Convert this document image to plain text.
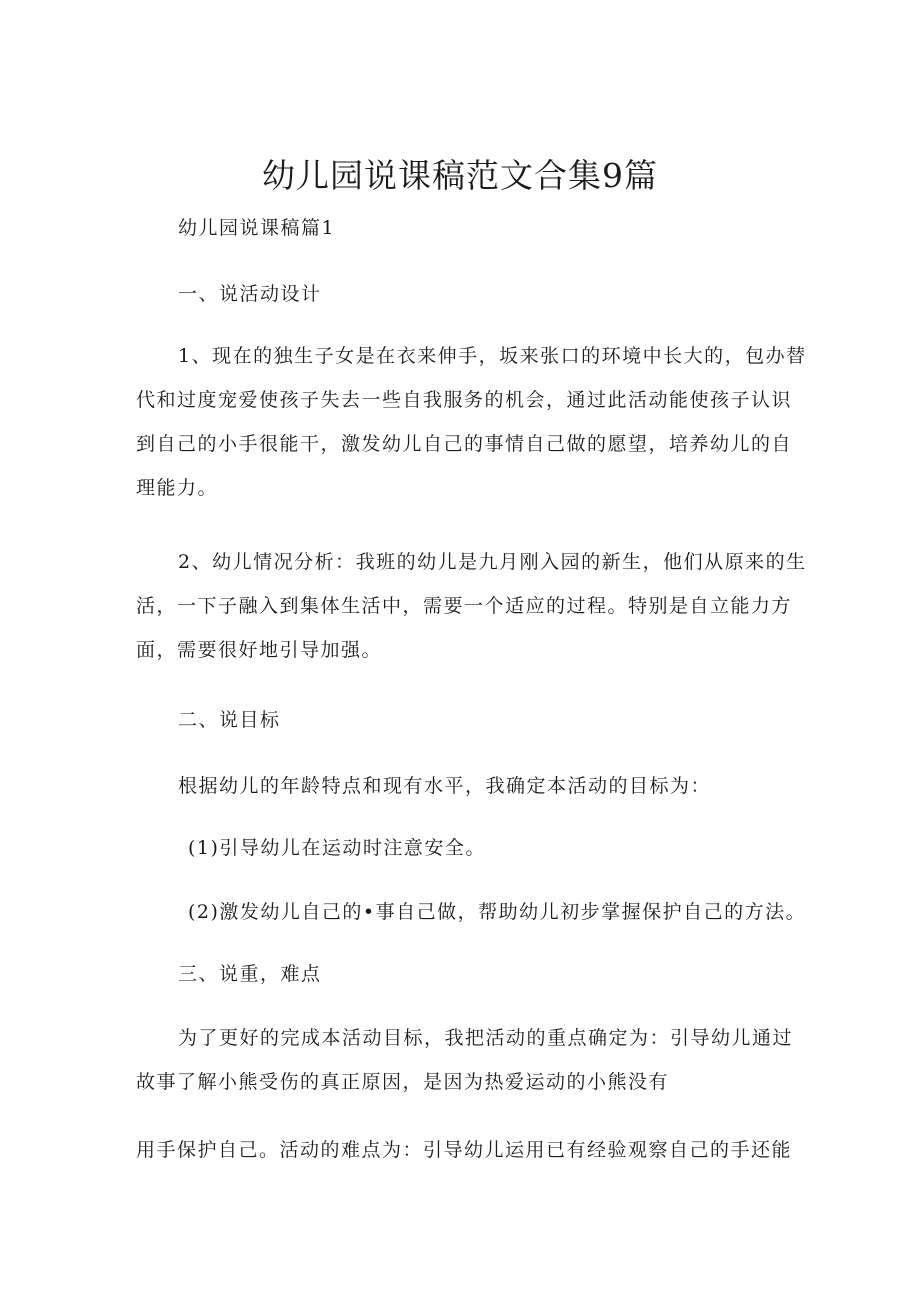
幼儿园说课稿范文合集9篇

幼儿园说课稿篇1

一、说活动设计

1、现在的独生子女是在衣来伸手，坂来张口的环境中长大的，包办替
代和过度宠爱使孩子失去一些自我服务的机会，通过此活动能使孩子认识
到自己的小手很能干，激发幼儿自己的事情自己做的愿望，培养幼儿的自
理能力。
2、幼儿情况分析：我班的幼儿是九月刚入园的新生，他们从原来的生
活，一下子融入到集体生活中，需要一个适应的过程。特别是自立能力方
面，需要很好地引导加强。

二、说目标

根据幼儿的年龄特点和现有水平，我确定本活动的目标为：

(1)引导幼儿在运动时注意安全。

(2)激发幼儿自己的•事自己做，帮助幼儿初步掌握保护自己的方法。

三、说重，难点

为了更好的完成本活动目标，我把活动的重点确定为：引导幼儿通过
故事了解小熊受伤的真正原因，是因为热爱运动的小熊没有

用手保护自己。活动的难点为：引导幼儿运用已有经验观察自己的手还能
